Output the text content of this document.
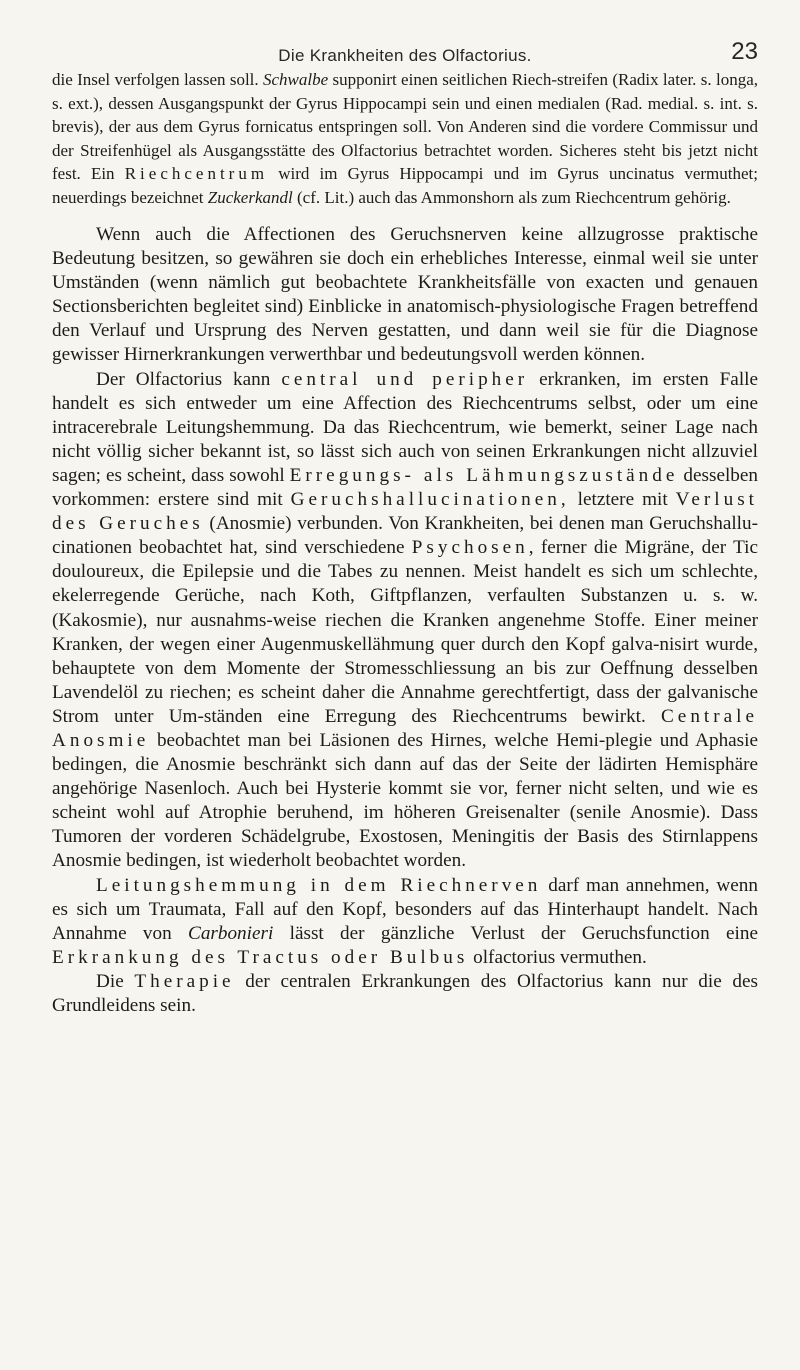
Die Krankheiten des Olfactorius.	23

die Insel verfolgen lassen soll. Schwalbe supponirt einen seitlichen Riech-streifen (Radix later. s. longa, s. ext.), dessen Ausgangspunkt der Gyrus Hippocampi sein und einen medialen (Rad. medial. s. int. s. brevis), der aus dem Gyrus fornicatus entspringen soll. Von Anderen sind die vordere Commissur und der Streifenhügel als Ausgangsstätte des Olfactorius betrachtet worden. Sicheres steht bis jetzt nicht fest. Ein Riechcentrum wird im Gyrus Hippocampi und im Gyrus uncinatus vermuthet; neuerdings bezeichnet Zuckerkandl (cf. Lit.) auch das Ammonshorn als zum Riechcentrum gehörig.

Wenn auch die Affectionen des Geruchsnerven keine allzugrosse praktische Bedeutung besitzen, so gewähren sie doch ein erhebliches Interesse, einmal weil sie unter Umständen (wenn nämlich gut beobachtete Krankheitsfälle von exacten und genauen Sectionsberichten begleitet sind) Einblicke in anatomisch-physiologische Fragen betreffend den Verlauf und Ursprung des Nerven gestatten, und dann weil sie für die Diagnose gewisser Hirnerkrankungen verwerthbar und bedeutungsvoll werden können.

Der Olfactorius kann central und peripher erkranken, im ersten Falle handelt es sich entweder um eine Affection des Riechcentrums selbst, oder um eine intracerebrale Leitungshemmung. Da das Riechcentrum, wie bemerkt, seiner Lage nach nicht völlig sicher bekannt ist, so lässt sich auch von seinen Erkrankungen nicht allzuviel sagen; es scheint, dass sowohl Erregungs- als Lähmungszustände desselben vorkommen: erstere sind mit Geruchshallucinationen, letztere mit Verlust des Geruches (Anosmie) verbunden. Von Krankheiten, bei denen man Geruchshallu-cinationen beobachtet hat, sind verschiedene Psychosen, ferner die Migräne, der Tic douloureux, die Epilepsie und die Tabes zu nennen. Meist handelt es sich um schlechte, ekelerregende Gerüche, nach Koth, Giftpflanzen, verfaulten Substanzen u. s. w. (Kakosmie), nur ausnahms-weise riechen die Kranken angenehme Stoffe. Einer meiner Kranken, der wegen einer Augenmuskellähmung quer durch den Kopf galva-nisirt wurde, behauptete von dem Momente der Stromesschliessung an bis zur Oeffnung desselben Lavendelöl zu riechen; es scheint daher die Annahme gerechtfertigt, dass der galvanische Strom unter Um-ständen eine Erregung des Riechcentrums bewirkt. Centrale Anosmie beobachtet man bei Läsionen des Hirnes, welche Hemi-plegie und Aphasie bedingen, die Anosmie beschränkt sich dann auf das der Seite der lädirten Hemisphäre angehörige Nasenloch. Auch bei Hysterie kommt sie vor, ferner nicht selten, und wie es scheint wohl auf Atrophie beruhend, im höheren Greisenalter (senile Anosmie). Dass Tumoren der vorderen Schädelgrube, Exostosen, Meningitis der Basis des Stirnlappens Anosmie bedingen, ist wiederholt beobachtet worden.

Leitungshemmung in dem Riechnerven darf man annehmen, wenn es sich um Traumata, Fall auf den Kopf, besonders auf das Hinterhaupt handelt. Nach Annahme von Carbonieri lässt der gänzliche Verlust der Geruchsfunction eine Erkrankung des Tractus oder Bulbus olfactorius vermuthen.

Die Therapie der centralen Erkrankungen des Olfactorius kann nur die des Grundleidens sein.
